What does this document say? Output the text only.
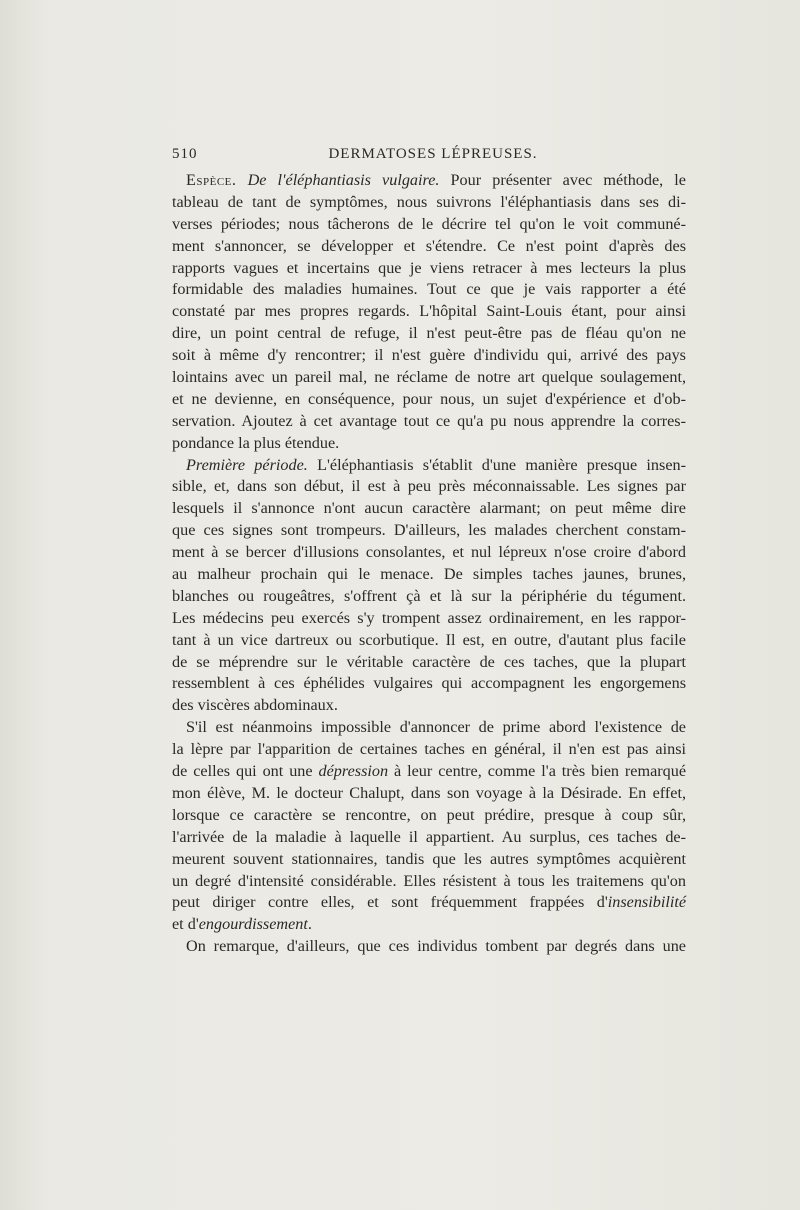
510	DERMATOSES LÉPREUSES.
Espèce. De l'éléphantiasis vulgaire. Pour présenter avec méthode, le
tableau de tant de symptômes, nous suivrons l'éléphantiasis dans ses di-
verses périodes; nous tâcherons de le décrire tel qu'on le voit communé-
ment s'annoncer, se développer et s'étendre. Ce n'est point d'après des
rapports vagues et incertains que je viens retracer à mes lecteurs la plus
formidable des maladies humaines. Tout ce que je vais rapporter a été
constaté par mes propres regards. L'hôpital Saint-Louis étant, pour ainsi
dire, un point central de refuge, il n'est peut-être pas de fléau qu'on ne
soit à même d'y rencontrer; il n'est guère d'individu qui, arrivé des pays
lointains avec un pareil mal, ne réclame de notre art quelque soulagement,
et ne devienne, en conséquence, pour nous, un sujet d'expérience et d'ob-
servation. Ajoutez à cet avantage tout ce qu'a pu nous apprendre la corres-
pondance la plus étendue.
Première période. L'éléphantiasis s'établit d'une manière presque insen-
sible, et, dans son début, il est à peu près méconnaissable. Les signes par
lesquels il s'annonce n'ont aucun caractère alarmant; on peut même dire
que ces signes sont trompeurs. D'ailleurs, les malades cherchent constam-
ment à se bercer d'illusions consolantes, et nul lépreux n'ose croire d'abord
au malheur prochain qui le menace. De simples taches jaunes, brunes,
blanches ou rougeâtres, s'offrent çà et là sur la périphérie du tégument.
Les médecins peu exercés s'y trompent assez ordinairement, en les rappor-
tant à un vice dartreux ou scorbutique. Il est, en outre, d'autant plus facile
de se méprendre sur le véritable caractère de ces taches, que la plupart
ressemblent à ces éphélides vulgaires qui accompagnent les engorgemens
des viscères abdominaux.
S'il est néanmoins impossible d'annoncer de prime abord l'existence de
la lèpre par l'apparition de certaines taches en général, il n'en est pas ainsi
de celles qui ont une dépression à leur centre, comme l'a très bien remarqué
mon élève, M. le docteur Chalupt, dans son voyage à la Désirade. En effet,
lorsque ce caractère se rencontre, on peut prédire, presque à coup sûr,
l'arrivée de la maladie à laquelle il appartient. Au surplus, ces taches de-
meurent souvent stationnaires, tandis que les autres symptômes acquièrent
un degré d'intensité considérable. Elles résistent à tous les traitemens qu'on
peut diriger contre elles, et sont fréquemment frappées d'insensibilité
et d'engourdissement.
On remarque, d'ailleurs, que ces individus tombent par degrés dans une
